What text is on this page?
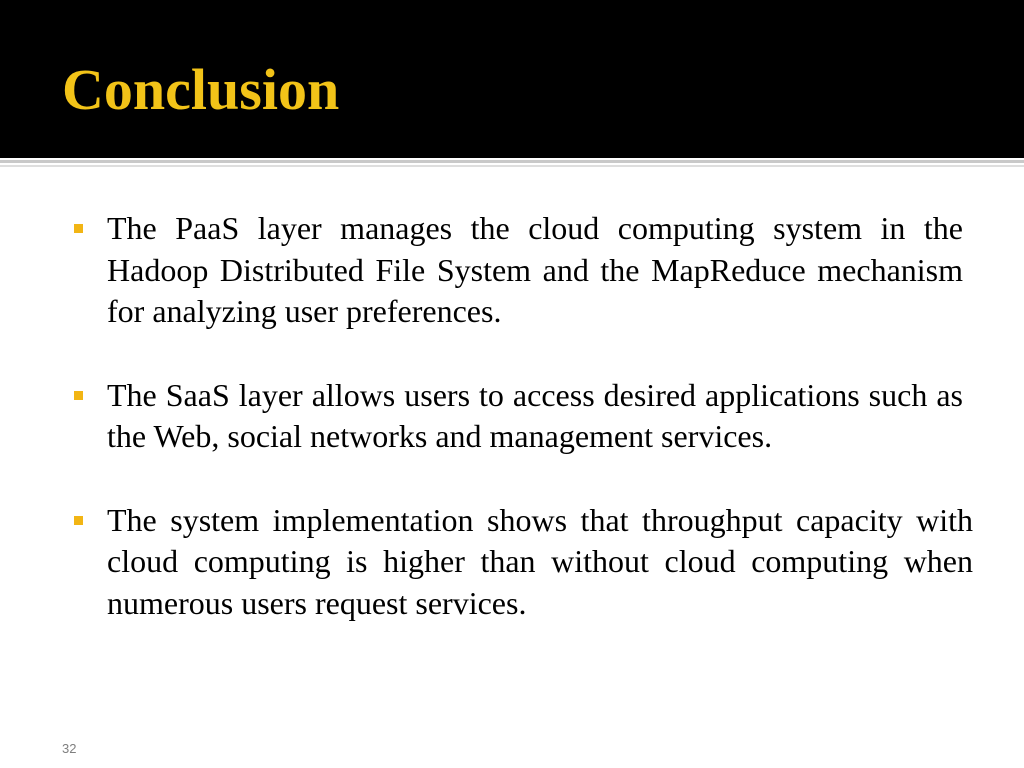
Conclusion
The PaaS layer manages the cloud computing system in the Hadoop Distributed File System and the MapReduce mechanism for analyzing user preferences.
The SaaS layer allows users to access desired applications such as the Web, social networks and management services.
The system implementation shows that throughput capacity with cloud computing is higher than without cloud computing when numerous users request services.
32
